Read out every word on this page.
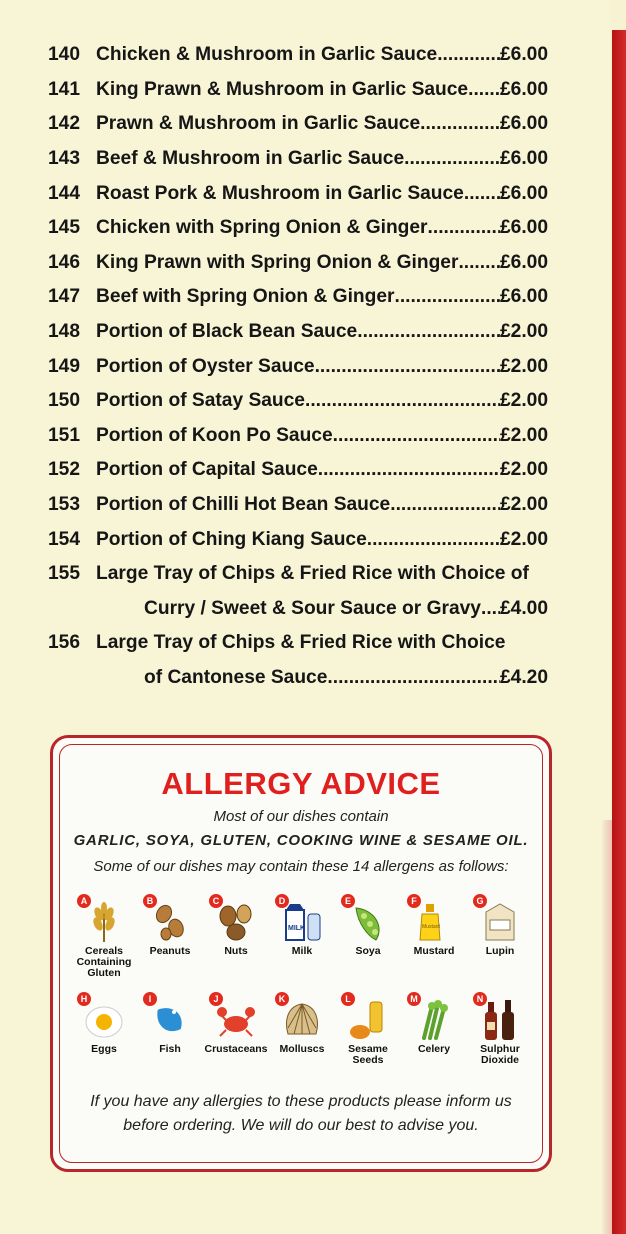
140 Chicken & Mushroom in Garlic Sauce .....	£6.00
141 King Prawn & Mushroom in Garlic Sauce ..... £6.00
142 Prawn & Mushroom in Garlic Sauce .....	£6.00
143 Beef & Mushroom in Garlic Sauce .....	£6.00
144 Roast Pork & Mushroom in Garlic Sauce ..... £6.00
145 Chicken with Spring Onion & Ginger .....	£6.00
146 King Prawn with Spring Onion & Ginger ..... £6.00
147 Beef with Spring Onion & Ginger .....	£6.00
148 Portion of Black Bean Sauce .....	£2.00
149 Portion of Oyster Sauce .....	£2.00
150 Portion of Satay Sauce .....	£2.00
151 Portion of Koon Po Sauce .....	£2.00
152 Portion of Capital Sauce .....	£2.00
153 Portion of Chilli Hot Bean Sauce .....	£2.00
154 Portion of Ching Kiang Sauce .....	£2.00
155 Large Tray of Chips & Fried Rice with Choice of
Curry / Sweet & Sour Sauce or Gravy ..... £4.00
156 Large Tray of Chips & Fried Rice with Choice
of Cantonese Sauce .....	£4.20
ALLERGY ADVICE
Most of our dishes contain
GARLIC, SOYA, GLUTEN, COOKING WINE & SESAME OIL.
Some of our dishes may contain these 14 allergens as follows:
A
Cereals Containing Gluten
B
Peanuts
C
Nuts
D
MILK
Milk
E
Soya
F
Mustard
Mustard
G
Lupin
H
Eggs
I
Fish
J
Crustaceans
K
Molluscs
L
Sesame Seeds
M
Celery
N
Sulphur Dioxide
If you have any allergies to these products please inform us
before ordering. We will do our best to advise you.
